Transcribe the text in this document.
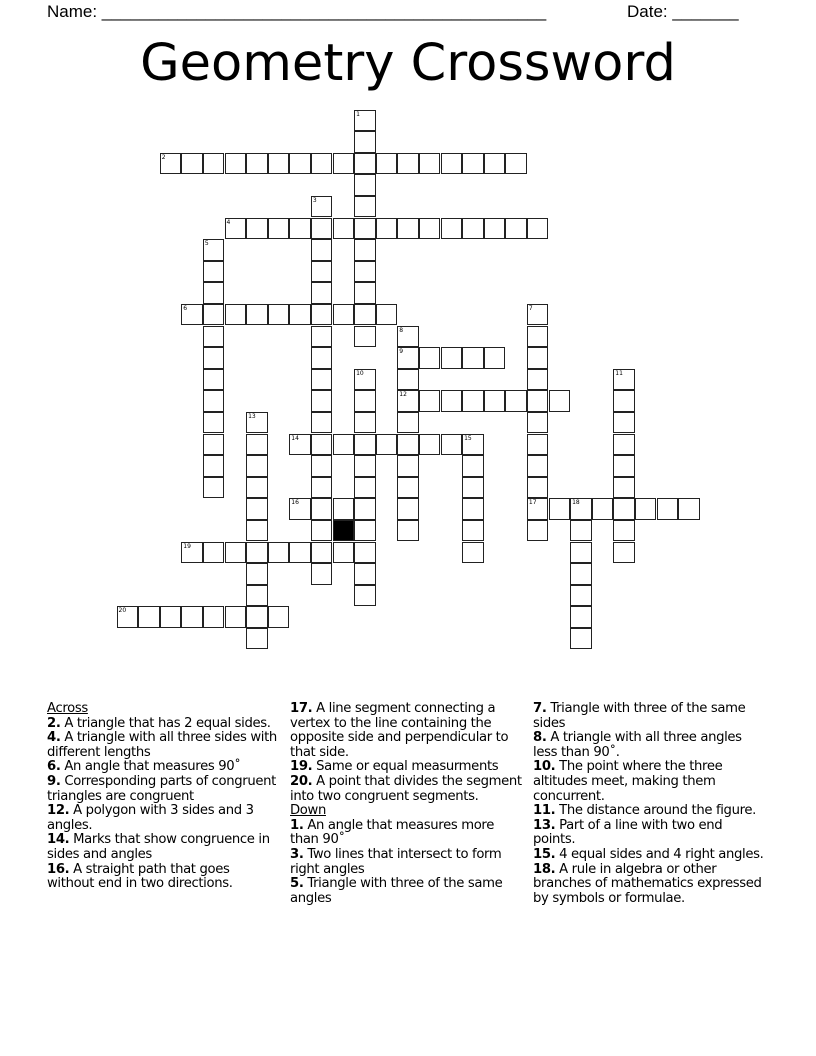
Name: _______________________________________________	Date: _______
Geometry Crossword
1
2
3
4
5
6	7
17
8
9
12
10	11
13
14	15
16	18
19
20
Across
2. A triangle that has 2 equal sides.
4. A triangle with all three sides with different lengths
6. An angle that measures 90˚
9. Corresponding parts of congruent triangles are congruent
12. A polygon with 3 sides and 3 angles.
14. Marks that show congruence in sides and angles
16. A straight path that goes without end in two directions.
17. A line segment connecting a vertex to the line containing the opposite side and perpendicular to that side.
19. Same or equal measurments
20. A point that divides the segment into two congruent segments.
Down
1. An angle that measures more than 90˚
3. Two lines that intersect to form right angles
5. Triangle with three of the same angles
7. Triangle with three of the same sides
8. A triangle with all three angles less than 90˚.
10. The point where the three altitudes meet, making them concurrent.
11. The distance around the figure.
13. Part of a line with two end points.
15. 4 equal sides and 4 right angles.
18. A rule in algebra or other branches of mathematics expressed by symbols or formulae.
